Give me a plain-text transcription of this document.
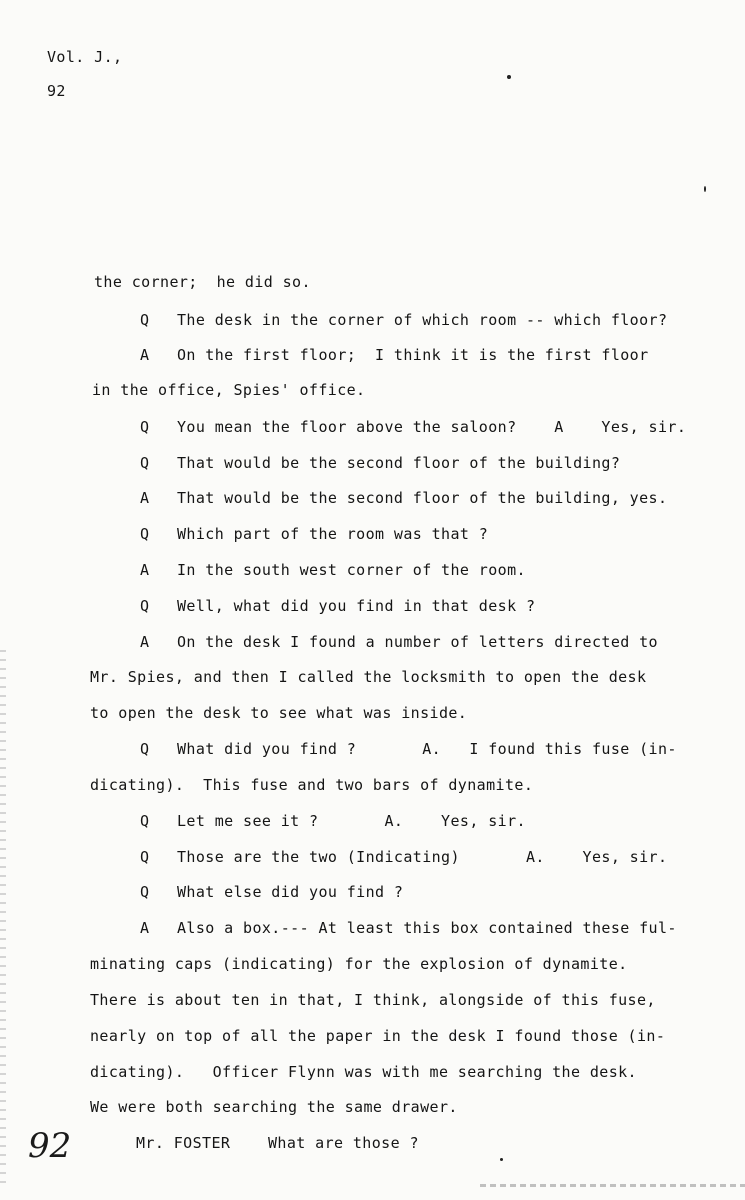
Vol. J.,
92
the corner;  he did so.
Q The desk in the corner of which room -- which floor?
A On the first floor;  I think it is the first floor
in the office, Spies' office.
Q You mean the floor above the saloon?    A    Yes, sir.
Q That would be the second floor of the building?
A That would be the second floor of the building, yes.
Q Which part of the room was that ?
A In the south west corner of the room.
Q Well, what did you find in that desk ?
A On the desk I found a number of letters directed to
Mr. Spies, and then I called the locksmith to open the desk
to open the desk to see what was inside.
Q What did you find ?       A.   I found this fuse (in-
dicating).  This fuse and two bars of dynamite.
Q Let me see it ?       A.    Yes, sir.
Q Those are the two (Indicating)       A.    Yes, sir.
Q What else did you find ?
A Also a box.--- At least this box contained these ful-
minating caps (indicating) for the explosion of dynamite.
There is about ten in that, I think, alongside of this fuse,
nearly on top of all the paper in the desk I found those (in-
dicating).   Officer Flynn was with me searching the desk.
We were both searching the same drawer.
Mr. FOSTER	What are those ?
92
